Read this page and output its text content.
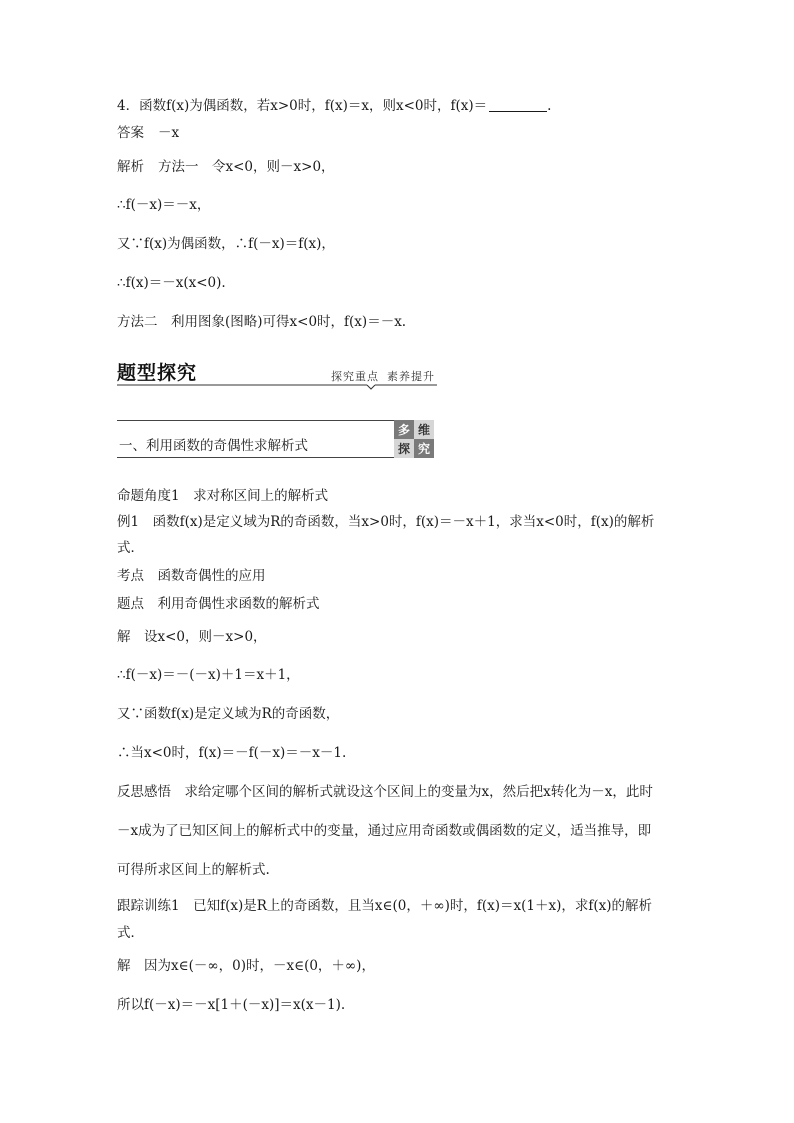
4．函数f(x)为偶函数，若x>0时，f(x)＝x，则x<0时，f(x)＝	.
答案 －x
解析 方法一　令x<0，则－x>0，
∴f(－x)＝－x，
又∵f(x)为偶函数，∴f(－x)＝f(x)，
∴f(x)＝－x(x<0).
方法二　利用图象(图略)可得x<0时，f(x)＝－x.
题型探究	探究重点 素养提升
一、利用函数的奇偶性求解析式
多 维
探 究
命题角度1　求对称区间上的解析式
例1　函数f(x)是定义域为R的奇函数，当x>0时，f(x)＝－x＋1，求当x<0时，f(x)的解析
式．
考点　函数奇偶性的应用
题点　利用奇偶性求函数的解析式
解　设x<0，则－x>0，
∴f(－x)＝－(－x)＋1＝x＋1，
又∵函数f(x)是定义域为R的奇函数，
∴当x<0时，f(x)＝－f(－x)＝－x－1.
反思感悟　求给定哪个区间的解析式就设这个区间上的变量为x，然后把x转化为－x，此时
－x成为了已知区间上的解析式中的变量，通过应用奇函数或偶函数的定义，适当推导，即
可得所求区间上的解析式.
跟踪训练1　已知f(x)是R上的奇函数，且当x∈(0，＋∞)时，f(x)＝x(1＋x)，求f(x)的解析
式．
解　因为x∈(－∞，0)时，－x∈(0，＋∞)，
所以f(－x)＝－x[1＋(－x)]＝x(x－1).
